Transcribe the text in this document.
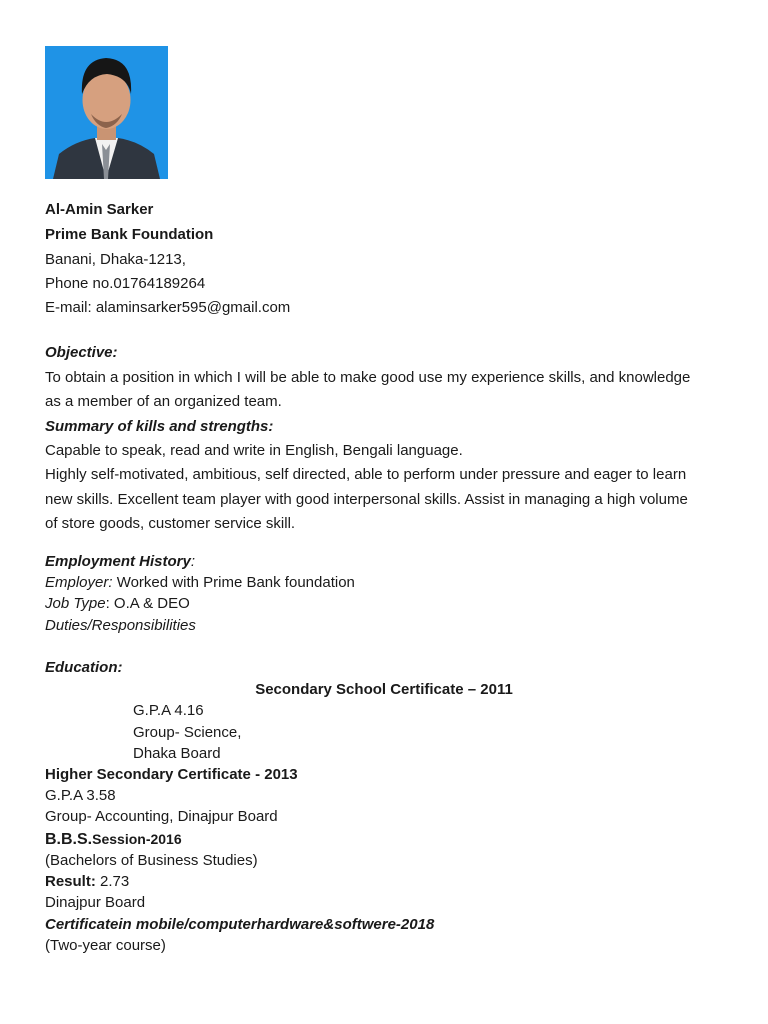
Al-Amin Sarker
Prime Bank Foundation
Banani, Dhaka-1213,
Phone no.01764189264
E-mail: alaminsarker595@gmail.com
Objective:
To obtain a position in which I will be able to make good use my experience skills, and knowledge
as a member of an organized team.
Summary of kills and strengths:
Capable to speak, read and write in English, Bengali language.
Highly self-motivated, ambitious, self directed, able to perform under pressure and eager to learn
new skills. Excellent team player with good interpersonal skills. Assist in managing a high volume
of store goods, customer service skill.
Employment History:
Employer: Worked with Prime Bank foundation
Job Type: O.A & DEO
Duties/Responsibilities
Education:
Secondary School Certificate – 2011
G.P.A 4.16
Group- Science,
Dhaka Board
Higher Secondary Certificate - 2013
G.P.A 3.58
Group- Accounting, Dinajpur Board
B.B.S.Session-2016
(Bachelors of Business Studies)
Result: 2.73
Dinajpur Board
Certificatein mobile/computerhardware&softwere-2018
(Two-year course)
